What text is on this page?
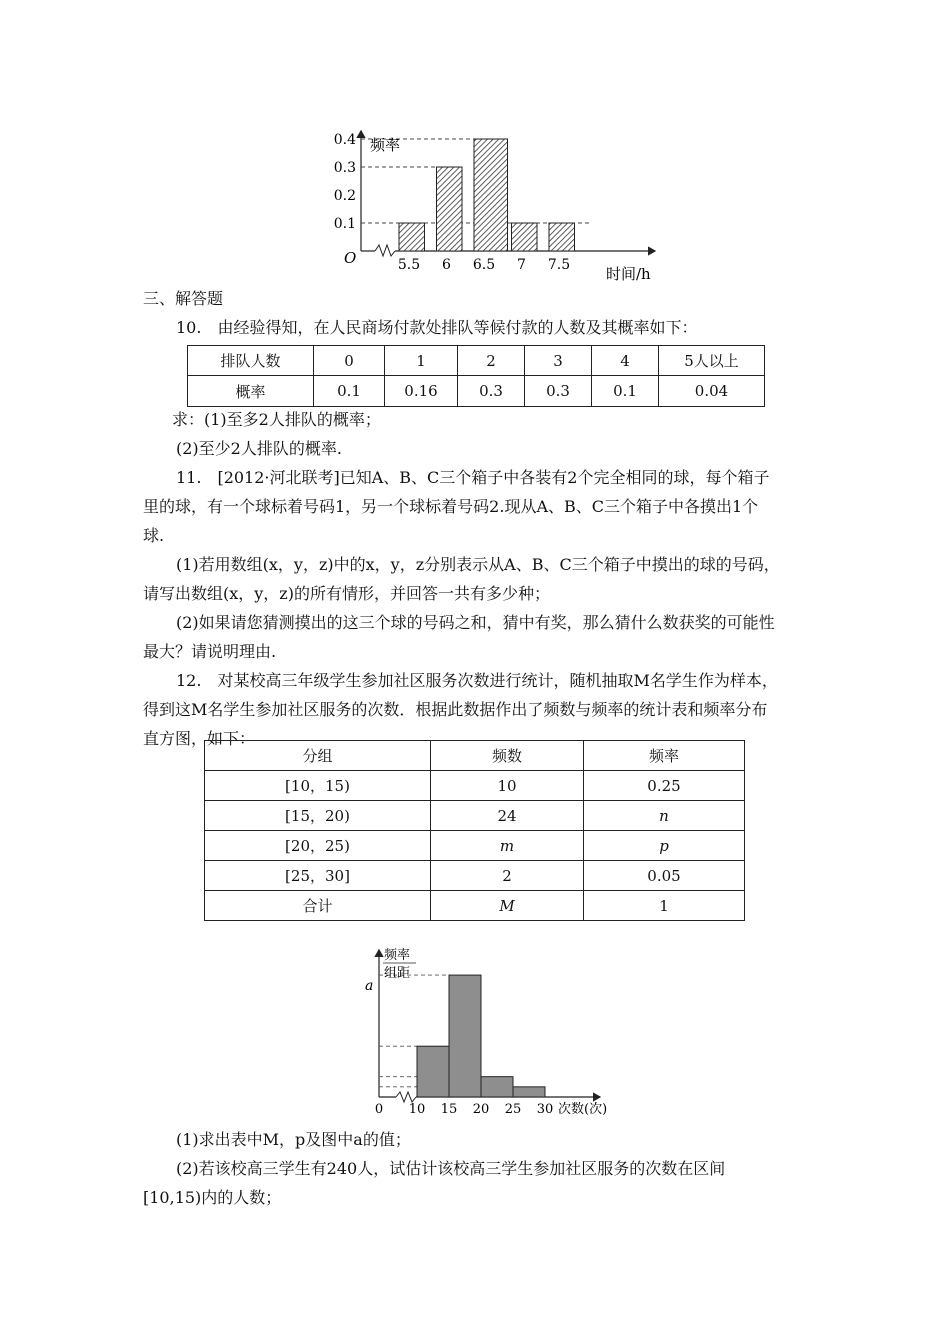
0.4
0.3
0.2
0.1
5.5 6 6.5 7 7.5
频率
O
时间/h
三、解答题
10.　由经验得知，在人民商场付款处排队等候付款的人数及其概率如下：
排队人数	0	1	2	3	4	5人以上
概率	0.1	0.16	0.3	0.3	0.1	0.04
求：(1)至多2人排队的概率；
(2)至少2人排队的概率.
11.　[2012·河北联考]已知A、B、C三个箱子中各装有2个完全相同的球，每个箱子
里的球，有一个球标着号码1，另一个球标着号码2.现从A、B、C三个箱子中各摸出1个
球.
(1)若用数组(x，y，z)中的x，y，z分别表示从A、B、C三个箱子中摸出的球的号码，
请写出数组(x，y，z)的所有情形，并回答一共有多少种；
(2)如果请您猜测摸出的这三个球的号码之和，猜中有奖，那么猜什么数获奖的可能性
最大？请说明理由.
12.　对某校高三年级学生参加社区服务次数进行统计，随机抽取M名学生作为样本，
得到这M名学生参加社区服务的次数．根据此数据作出了频数与频率的统计表和频率分布
直方图，如下：
分组	频数	频率
[10，15)	10	0.25
[15，20)	24	n
[20，25)	m	p
[25，30]	2	0.05
合计	M	1
0 10 15 20 25 30
频率
组距
a
次数(次)
(1)求出表中M，p及图中a的值；
(2)若该校高三学生有240人，试估计该校高三学生参加社区服务的次数在区间
[10,15)内的人数；
